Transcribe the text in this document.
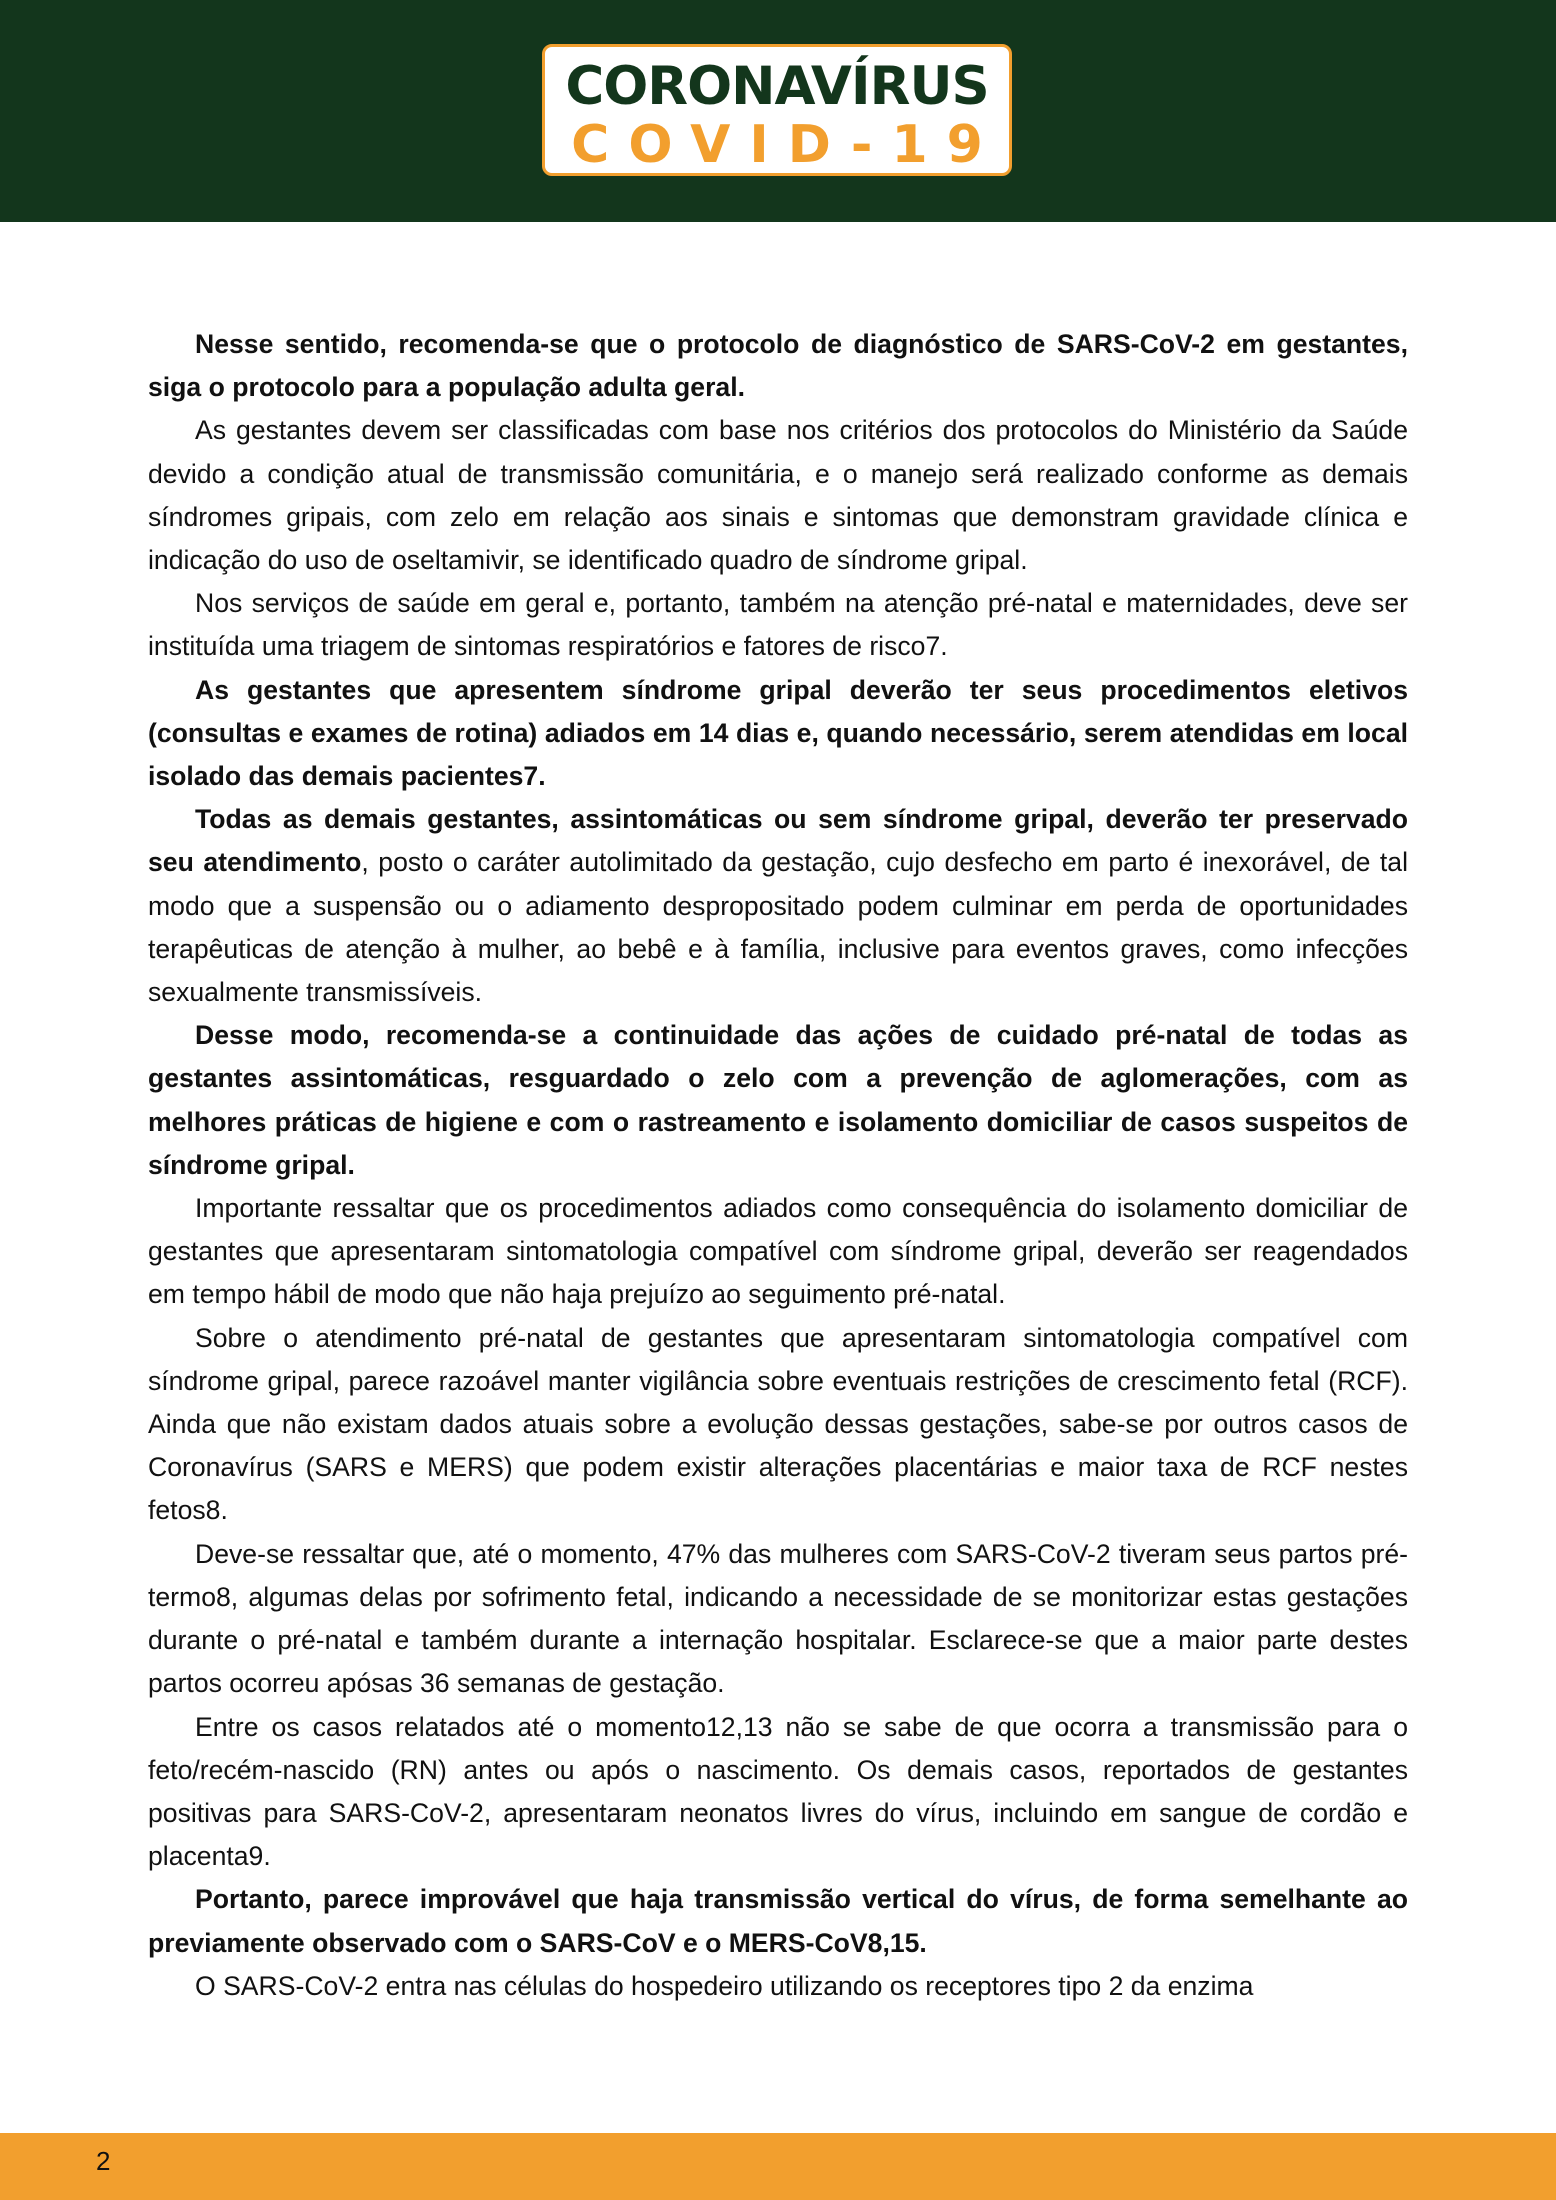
CORONAVÍRUS
COVID-19

Nesse sentido, recomenda-se que o protocolo de diagnóstico de SARS-CoV-2 em gestantes, siga o protocolo para a população adulta geral.

As gestantes devem ser classificadas com base nos critérios dos protocolos do Ministério da Saúde devido a condição atual de transmissão comunitária, e o manejo será realizado conforme as demais síndromes gripais, com zelo em relação aos sinais e sintomas que demonstram gravidade clínica e indicação do uso de oseltamivir, se identificado quadro de síndrome gripal.

Nos serviços de saúde em geral e, portanto, também na atenção pré-natal e maternidades, deve ser instituída uma triagem de sintomas respiratórios e fatores de risco7.

As gestantes que apresentem síndrome gripal deverão ter seus procedimentos eletivos (consultas e exames de rotina) adiados em 14 dias e, quando necessário, serem atendidas em local isolado das demais pacientes7.

Todas as demais gestantes, assintomáticas ou sem síndrome gripal, deverão ter preservado seu atendimento, posto o caráter autolimitado da gestação, cujo desfecho em parto é inexorável, de tal modo que a suspensão ou o adiamento despropositado podem culminar em perda de oportunidades terapêuticas de atenção à mulher, ao bebê e à família, inclusive para eventos graves, como infecções sexualmente transmissíveis.

Desse modo, recomenda-se a continuidade das ações de cuidado pré-natal de todas as gestantes assintomáticas, resguardado o zelo com a prevenção de aglomerações, com as melhores práticas de higiene e com o rastreamento e isolamento domiciliar de casos suspeitos de síndrome gripal.

Importante ressaltar que os procedimentos adiados como consequência do isolamento domiciliar de gestantes que apresentaram sintomatologia compatível com síndrome gripal, deverão ser reagendados em tempo hábil de modo que não haja prejuízo ao seguimento pré-natal.

Sobre o atendimento pré-natal de gestantes que apresentaram sintomatologia compatível com síndrome gripal, parece razoável manter vigilância sobre eventuais restrições de crescimento fetal (RCF). Ainda que não existam dados atuais sobre a evolução dessas gestações, sabe-se por outros casos de Coronavírus (SARS e MERS) que podem existir alterações placentárias e maior taxa de RCF nestes fetos8.

Deve-se ressaltar que, até o momento, 47% das mulheres com SARS-CoV-2 tiveram seus partos pré-termo8, algumas delas por sofrimento fetal, indicando a necessidade de se monitorizar estas gestações durante o pré-natal e também durante a internação hospitalar. Esclarece-se que a maior parte destes partos ocorreu apósas 36 semanas de gestação.

Entre os casos relatados até o momento12,13 não se sabe de que ocorra a transmissão para o feto/recém-nascido (RN) antes ou após o nascimento. Os demais casos, reportados de gestantes positivas para SARS-CoV-2, apresentaram neonatos livres do vírus, incluindo em sangue de cordão e placenta9.

Portanto, parece improvável que haja transmissão vertical do vírus, de forma semelhante ao previamente observado com o SARS-CoV e o MERS-CoV8,15.

O SARS-CoV-2 entra nas células do hospedeiro utilizando os receptores tipo 2 da enzima

2
